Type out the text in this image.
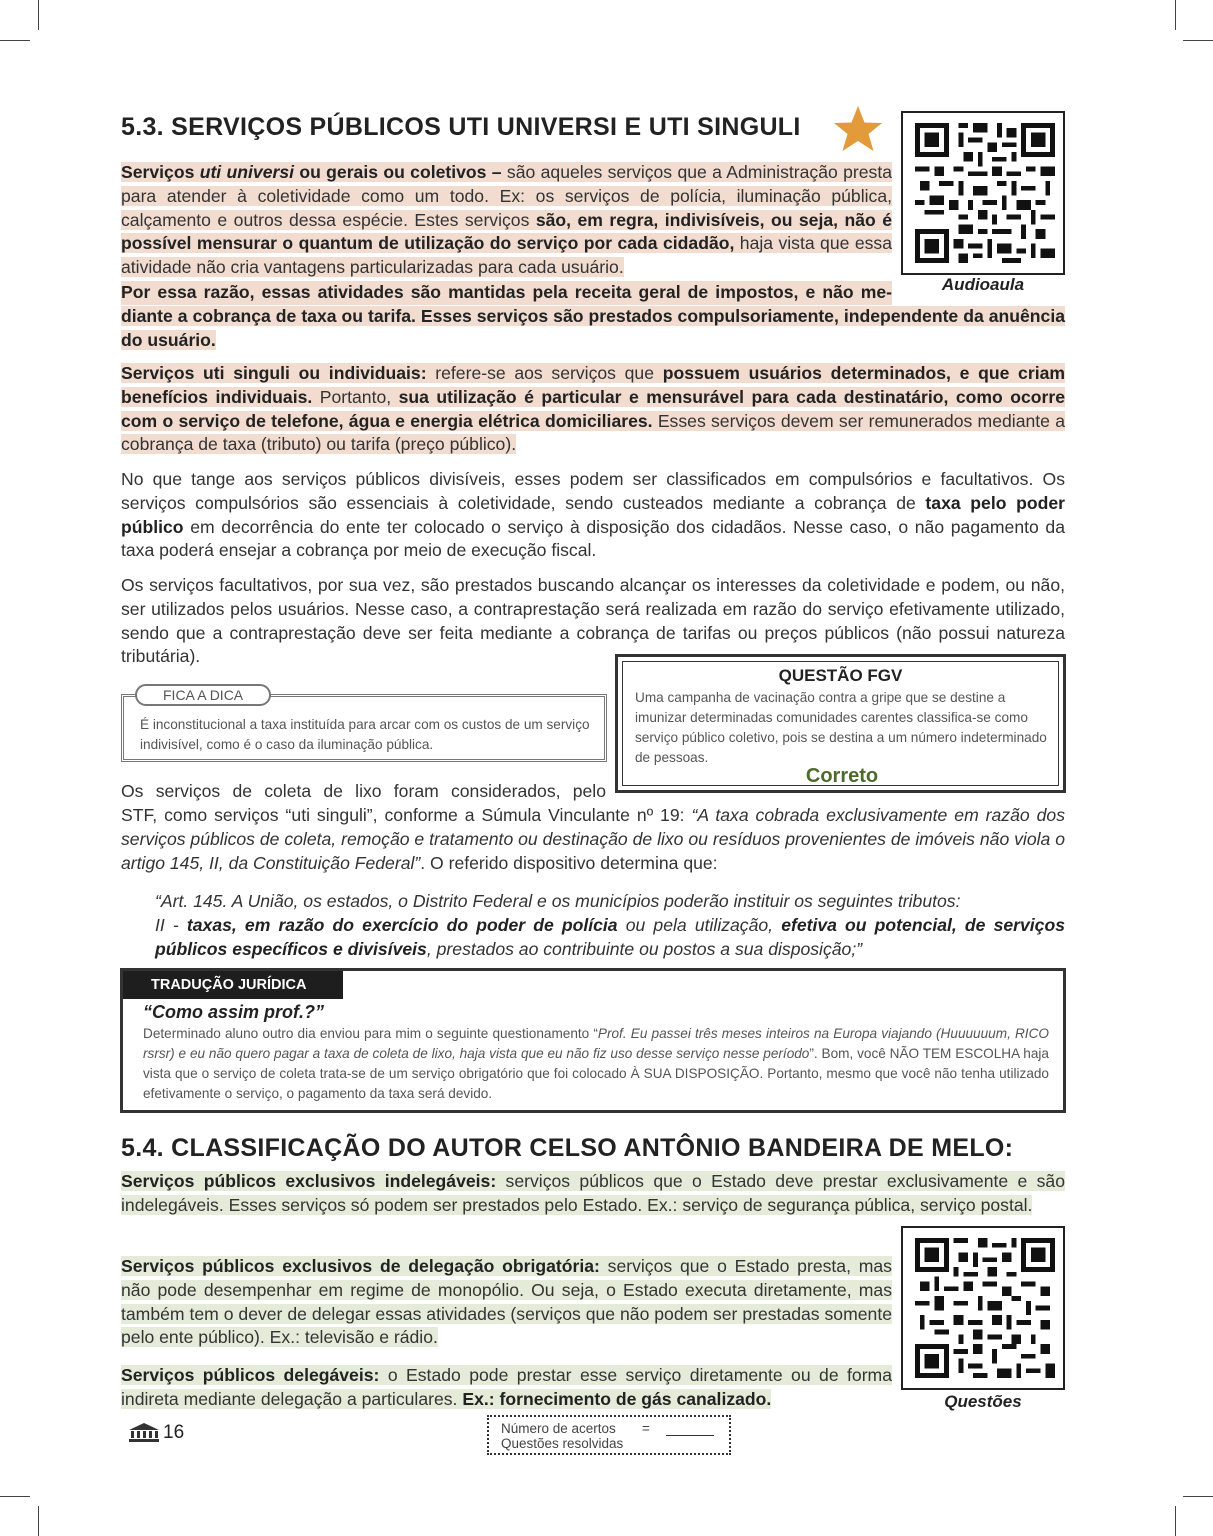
5.3. SERVIÇOS PÚBLICOS UTI UNIVERSI E UTI SINGULI
Audioaula
Serviços uti universi ou gerais ou coletivos – são aqueles serviços que a Administração presta para atender à coletividade como um todo. Ex: os serviços de polícia, iluminação pública, calçamento e outros dessa espécie. Estes serviços são, em regra, indivisíveis, ou seja, não é possível mensurar o quantum de utilização do serviço por cada cidadão, haja vista que essa atividade não cria vantagens particularizadas para cada usuário.
Por essa razão, essas atividades são mantidas pela receita geral de impostos, e não me-
diante a cobrança de taxa ou tarifa. Esses serviços são prestados compulsoriamente, independente da anuência do usuário.
Serviços uti singuli ou individuais: refere-se aos serviços que possuem usuários determinados, e que criam benefícios individuais. Portanto, sua utilização é particular e mensurável para cada destinatário, como ocorre com o serviço de telefone, água e energia elétrica domiciliares. Esses serviços devem ser remunerados mediante a cobrança de taxa (tributo) ou tarifa (preço público).
No que tange aos serviços públicos divisíveis, esses podem ser classificados em compulsórios e facultativos. Os serviços compulsórios são essenciais à coletividade, sendo custeados mediante a cobrança de taxa pelo poder público em decorrência do ente ter colocado o serviço à disposição dos cidadãos. Nesse caso, o não pagamento da taxa poderá ensejar a cobrança por meio de execução fiscal.
Os serviços facultativos, por sua vez, são prestados buscando alcançar os interesses da coletividade e podem, ou não, ser utilizados pelos usuários. Nesse caso, a contraprestação será realizada em razão do serviço efetivamente utilizado, sendo que a contraprestação deve ser feita mediante a cobrança de tarifas ou preços públicos (não possui natureza tributária).
É inconstitucional a taxa instituída para arcar com os custos de um serviço indivisível, como é o caso da iluminação pública.
FICA A DICA
QUESTÃO FGV
Uma campanha de vacinação contra a gripe que se destine a imunizar determinadas comunidades carentes classifica-se como serviço público coletivo, pois se destina a um número indeterminado de pessoas.
Correto
Os serviços de coleta de lixo foram considerados, pelo
STF, como serviços “uti singuli”, conforme a Súmula Vinculante nº 19: “A taxa cobrada exclusivamente em razão dos serviços públicos de coleta, remoção e tratamento ou destinação de lixo ou resíduos provenientes de imóveis não viola o artigo 145, II, da Constituição Federal”. O referido dispositivo determina que:
“Art. 145. A União, os estados, o Distrito Federal e os municípios poderão instituir os seguintes tributos:
II - taxas, em razão do exercício do poder de polícia ou pela utilização, efetiva ou potencial, de serviços públicos específicos e divisíveis, prestados ao contribuinte ou postos a sua disposição;”
TRADUÇÃO JURÍDICA
“Como assim prof.?”
Determinado aluno outro dia enviou para mim o seguinte questionamento “Prof. Eu passei três meses inteiros na Europa viajando (Huuuuuum, RICO rsrsr) e eu não quero pagar a taxa de coleta de lixo, haja vista que eu não fiz uso desse serviço nesse período”. Bom, você NÃO TEM ESCOLHA haja vista que o serviço de coleta trata-se de um serviço obrigatório que foi colocado À SUA DISPOSIÇÃO. Portanto, mesmo que você não tenha utilizado efetivamente o serviço, o pagamento da taxa será devido.
5.4. CLASSIFICAÇÃO DO AUTOR CELSO ANTÔNIO BANDEIRA DE MELO:
Serviços públicos exclusivos indelegáveis: serviços públicos que o Estado deve prestar exclusivamente e são indelegáveis. Esses serviços só podem ser prestados pelo Estado. Ex.: serviço de segurança pública, serviço postal.
Serviços públicos exclusivos de delegação obrigatória: serviços que o Estado presta, mas não pode desempenhar em regime de monopólio. Ou seja, o Estado executa diretamente, mas também tem o dever de delegar essas atividades (serviços que não podem ser prestadas somente pelo ente público). Ex.: televisão e rádio.
Serviços públicos delegáveis: o Estado pode prestar esse serviço diretamente ou de forma indireta mediante delegação a particulares. Ex.: fornecimento de gás canalizado.	Questões
16	Número de acertos =
Questões resolvidas
